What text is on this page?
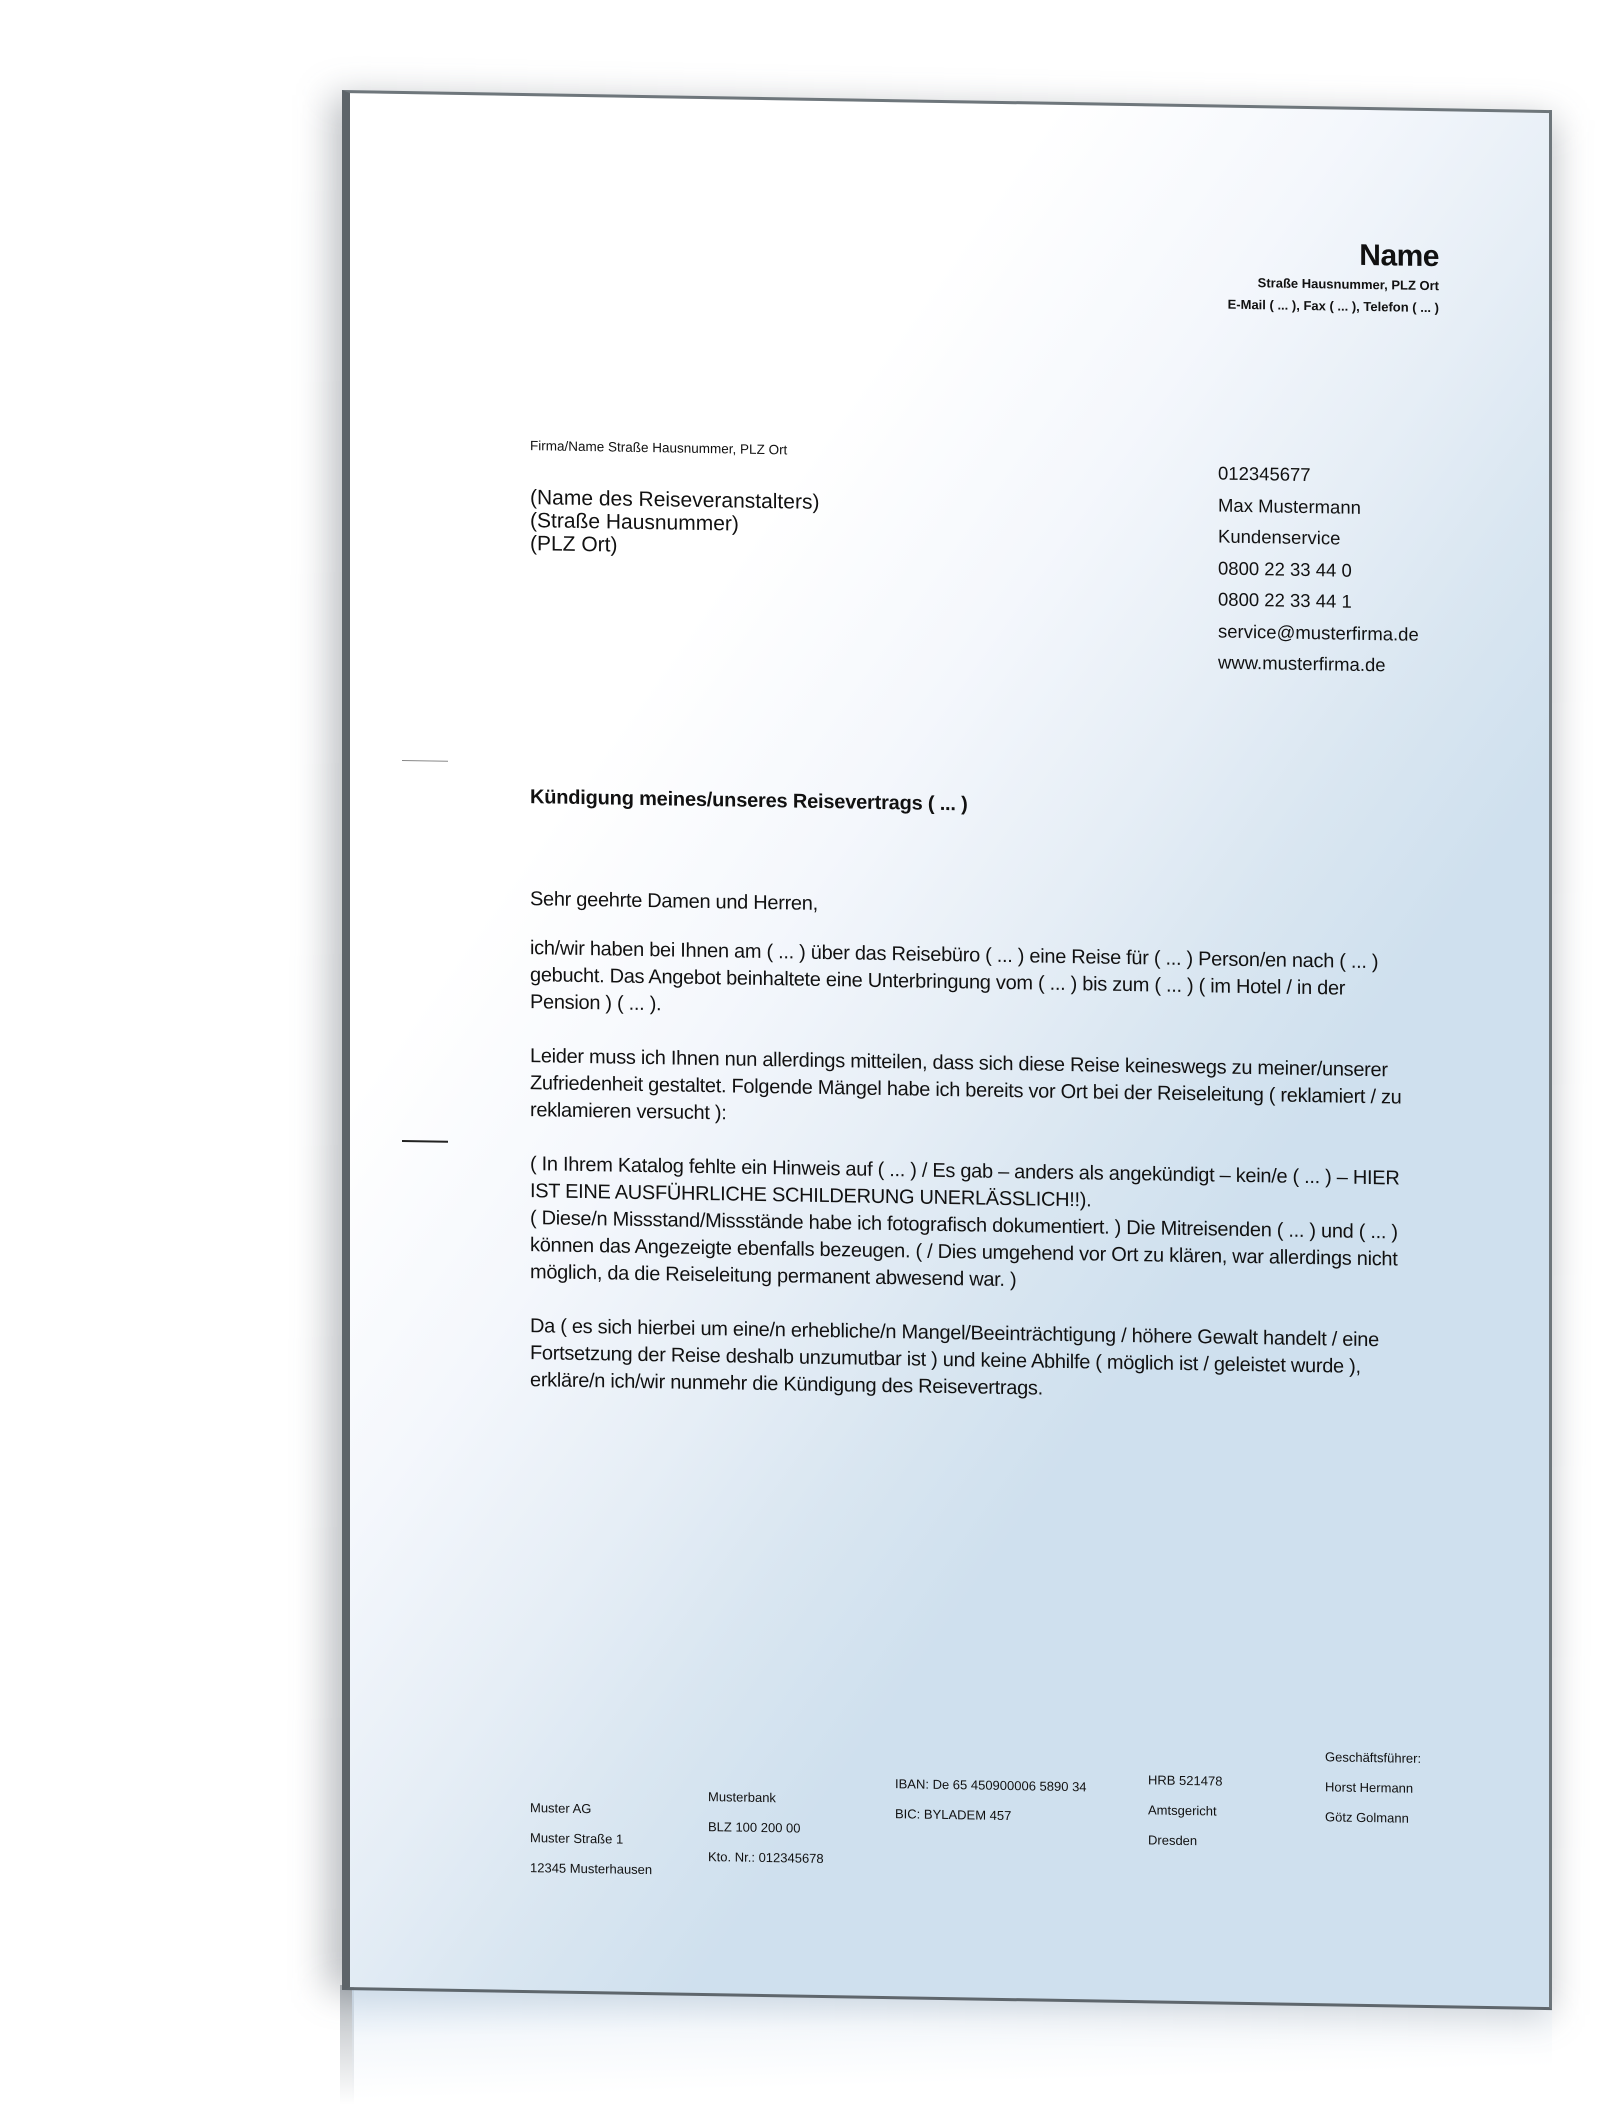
Name
Straße Hausnummer, PLZ Ort
E-Mail ( ... ), Fax ( ... ), Telefon ( ... )
Firma/Name Straße Hausnummer, PLZ Ort
(Name des Reiseveranstalters)
(Straße Hausnummer)
(PLZ Ort)
012345677
Max Mustermann
Kundenservice
0800 22 33 44 0
0800 22 33 44 1
service@musterfirma.de
www.musterfirma.de
Kündigung meines/unseres Reisevertrags ( ... )

Sehr geehrte Damen und Herren,

ich/wir haben bei Ihnen am ( ... ) über das Reisebüro ( ... ) eine Reise für ( ... ) Person/en nach ( ... ) gebucht. Das Angebot beinhaltete eine Unterbringung vom ( ... ) bis zum ( ... ) ( im Hotel / in der Pension ) ( ... ).

Leider muss ich Ihnen nun allerdings mitteilen, dass sich diese Reise keineswegs zu meiner/unserer Zufriedenheit gestaltet. Folgende Mängel habe ich bereits vor Ort bei der Reiseleitung ( reklamiert / zu reklamieren versucht ):

( In Ihrem Katalog fehlte ein Hinweis auf ( ... ) / Es gab – anders als angekündigt – kein/e ( ... ) – HIER IST EINE AUSFÜHRLICHE SCHILDERUNG UNERLÄSSLICH!!).

( Diese/n Missstand/Missstände habe ich fotografisch dokumentiert. ) Die Mitreisenden ( ... ) und ( ... ) können das Angezeigte ebenfalls bezeugen. ( / Dies umgehend vor Ort zu klären, war allerdings nicht möglich, da die Reiseleitung permanent abwesend war. )

Da ( es sich hierbei um eine/n erhebliche/n Mangel/Beeinträchtigung / höhere Gewalt handelt / eine Fortsetzung der Reise deshalb unzumutbar ist ) und keine Abhilfe ( möglich ist / geleistet wurde ), erkläre/n ich/wir nunmehr die Kündigung des Reisevertrags.

Muster AG
Muster Straße 1
12345 Musterhausen
Musterbank
BLZ 100 200 00
Kto. Nr.: 012345678
IBAN: De 65 450900006 5890 34
BIC: BYLADEM 457
HRB 521478
Amtsgericht
Dresden
Geschäftsführer:
Horst Hermann
Götz Golmann
